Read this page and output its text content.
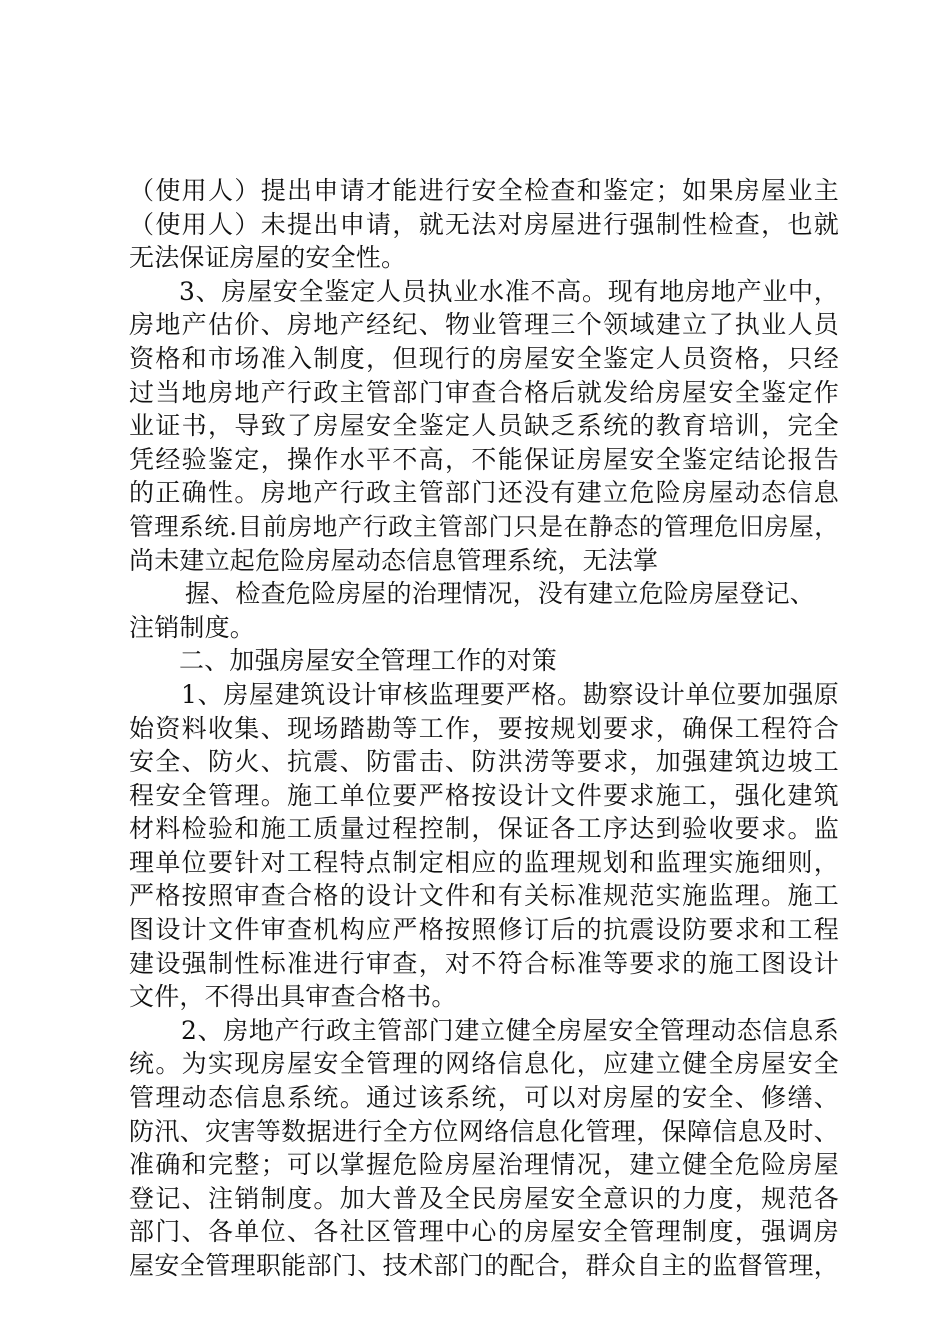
（使用人）提出申请才能进行安全检查和鉴定；如果房屋业主
（使用人）未提出申请，就无法对房屋进行强制性检查，也就
无法保证房屋的安全性。
3、房屋安全鉴定人员执业水准不高。现有地房地产业中，
房地产估价、房地产经纪、物业管理三个领域建立了执业人员
资格和市场准入制度，但现行的房屋安全鉴定人员资格，只经
过当地房地产行政主管部门审查合格后就发给房屋安全鉴定作
业证书，导致了房屋安全鉴定人员缺乏系统的教育培训，完全
凭经验鉴定，操作水平不高，不能保证房屋安全鉴定结论报告
的正确性。房地产行政主管部门还没有建立危险房屋动态信息
管理系统.目前房地产行政主管部门只是在静态的管理危旧房屋，
尚未建立起危险房屋动态信息管理系统，无法掌
握、检查危险房屋的治理情况，没有建立危险房屋登记、
注销制度。
二、加强房屋安全管理工作的对策
1、房屋建筑设计审核监理要严格。勘察设计单位要加强原
始资料收集、现场踏勘等工作，要按规划要求，确保工程符合
安全、防火、抗震、防雷击、防洪涝等要求，加强建筑边坡工
程安全管理。施工单位要严格按设计文件要求施工，强化建筑
材料检验和施工质量过程控制，保证各工序达到验收要求。监
理单位要针对工程特点制定相应的监理规划和监理实施细则，
严格按照审查合格的设计文件和有关标准规范实施监理。施工
图设计文件审查机构应严格按照修订后的抗震设防要求和工程
建设强制性标准进行审查，对不符合标准等要求的施工图设计
文件，不得出具审查合格书。
2、房地产行政主管部门建立健全房屋安全管理动态信息系
统。为实现房屋安全管理的网络信息化，应建立健全房屋安全
管理动态信息系统。通过该系统，可以对房屋的安全、修缮、
防汛、灾害等数据进行全方位网络信息化管理，保障信息及时、
准确和完整；可以掌握危险房屋治理情况，建立健全危险房屋
登记、注销制度。加大普及全民房屋安全意识的力度，规范各
部门、各单位、各社区管理中心的房屋安全管理制度，强调房
屋安全管理职能部门、技术部门的配合，群众自主的监督管理，
